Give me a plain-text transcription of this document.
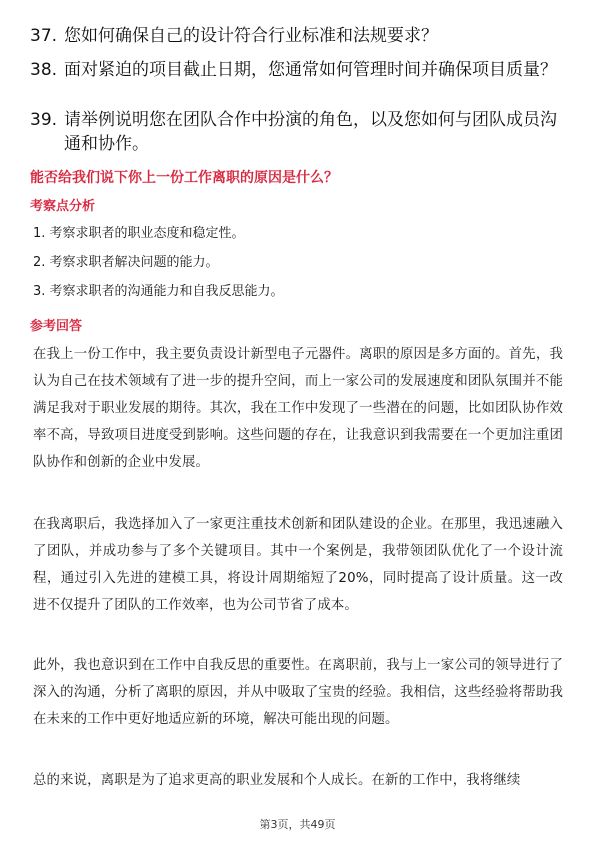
37. 您如何确保自己的设计符合行业标准和法规要求？
38. 面对紧迫的项目截止日期，您通常如何管理时间并确保项目质量？
39. 请举例说明您在团队合作中扮演的角色，以及您如何与团队成员沟通和协作。
能否给我们说下你上一份工作离职的原因是什么？
考察点分析
1. 考察求职者的职业态度和稳定性。
2. 考察求职者解决问题的能力。
3. 考察求职者的沟通能力和自我反思能力。
参考回答
在我上一份工作中，我主要负责设计新型电子元器件。离职的原因是多方面的。首先，我认为自己在技术领域有了进一步的提升空间，而上一家公司的发展速度和团队氛围并不能满足我对于职业发展的期待。其次，我在工作中发现了一些潜在的问题，比如团队协作效率不高，导致项目进度受到影响。这些问题的存在，让我意识到我需要在一个更加注重团队协作和创新的企业中发展。
在我离职后，我选择加入了一家更注重技术创新和团队建设的企业。在那里，我迅速融入了团队，并成功参与了多个关键项目。其中一个案例是，我带领团队优化了一个设计流程，通过引入先进的建模工具，将设计周期缩短了20%，同时提高了设计质量。这一改进不仅提升了团队的工作效率，也为公司节省了成本。
此外，我也意识到在工作中自我反思的重要性。在离职前，我与上一家公司的领导进行了深入的沟通，分析了离职的原因，并从中吸取了宝贵的经验。我相信，这些经验将帮助我在未来的工作中更好地适应新的环境，解决可能出现的问题。
总的来说，离职是为了追求更高的职业发展和个人成长。在新的工作中，我将继续
第3页，共49页
